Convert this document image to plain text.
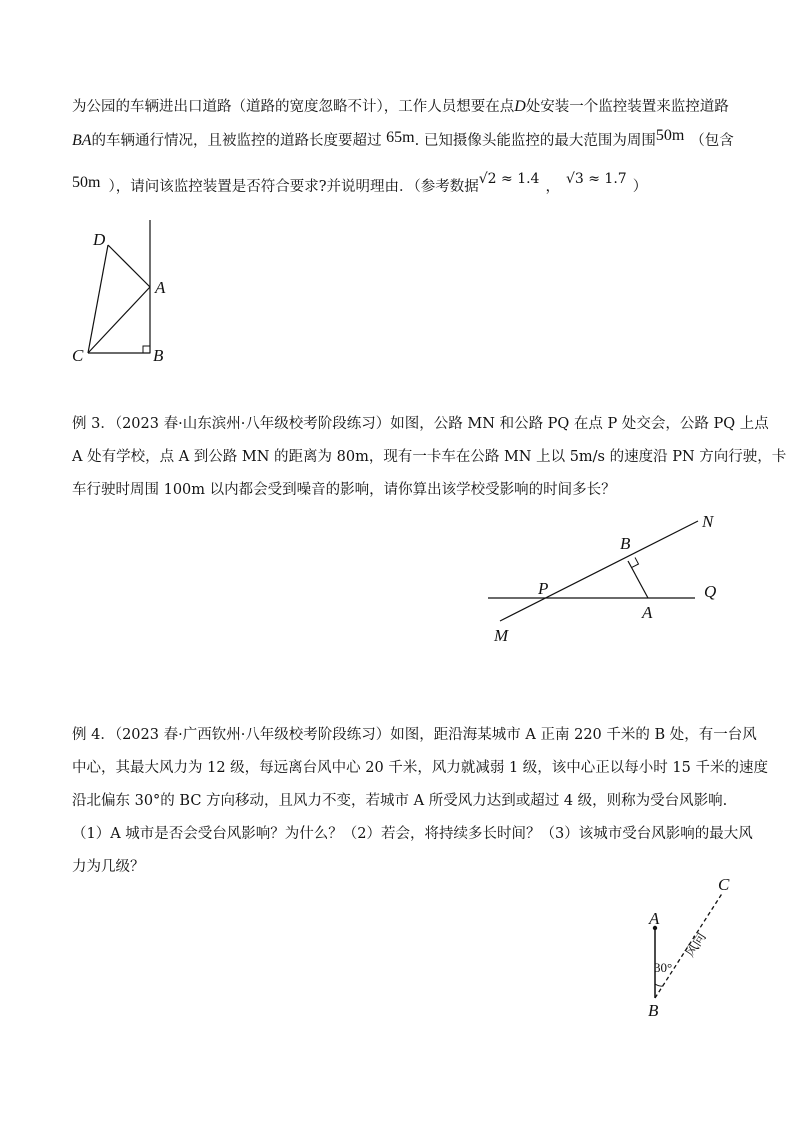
为公园的车辆进出口道路（道路的宽度忽略不计），工作人员想要在点D处安装一个监控装置来监控道路
BA的车辆通行情况，且被监控的道路长度要超过 65m. 已知摄像头能监控的最大范围为周围50m （包含
50m ），请问该监控装置是否符合要求?并说明理由．（参考数据√2 ≈ 1.4 ， √3 ≈ 1.7 ）
D
A
C	B
例 3．（2023 春·山东滨州·八年级校考阶段练习）如图，公路 MN 和公路 PQ 在点 P 处交会，公路 PQ 上点
A 处有学校，点 A 到公路 MN 的距离为 80m，现有一卡车在公路 MN 上以 5m/s 的速度沿 PN 方向行驶，卡
车行驶时周围 100m 以内都会受到噪音的影响，请你算出该学校受影响的时间多长？
N
B
P	Q
A
M
例 4．（2023 春·广西钦州·八年级校考阶段练习）如图，距沿海某城市 A 正南 220 千米的 B 处，有一台风
中心，其最大风力为 12 级，每远离台风中心 20 千米，风力就减弱 1 级，该中心正以每小时 15 千米的速度
沿北偏东 30°的 BC 方向移动，且风力不变，若城市 A 所受风力达到或超过 4 级，则称为受台风影响.
（1）A 城市是否会受台风影响？为什么？（2）若会，将持续多长时间？（3）该城市受台风影响的最大风
力为几级？
C
A
30°
风向
B
